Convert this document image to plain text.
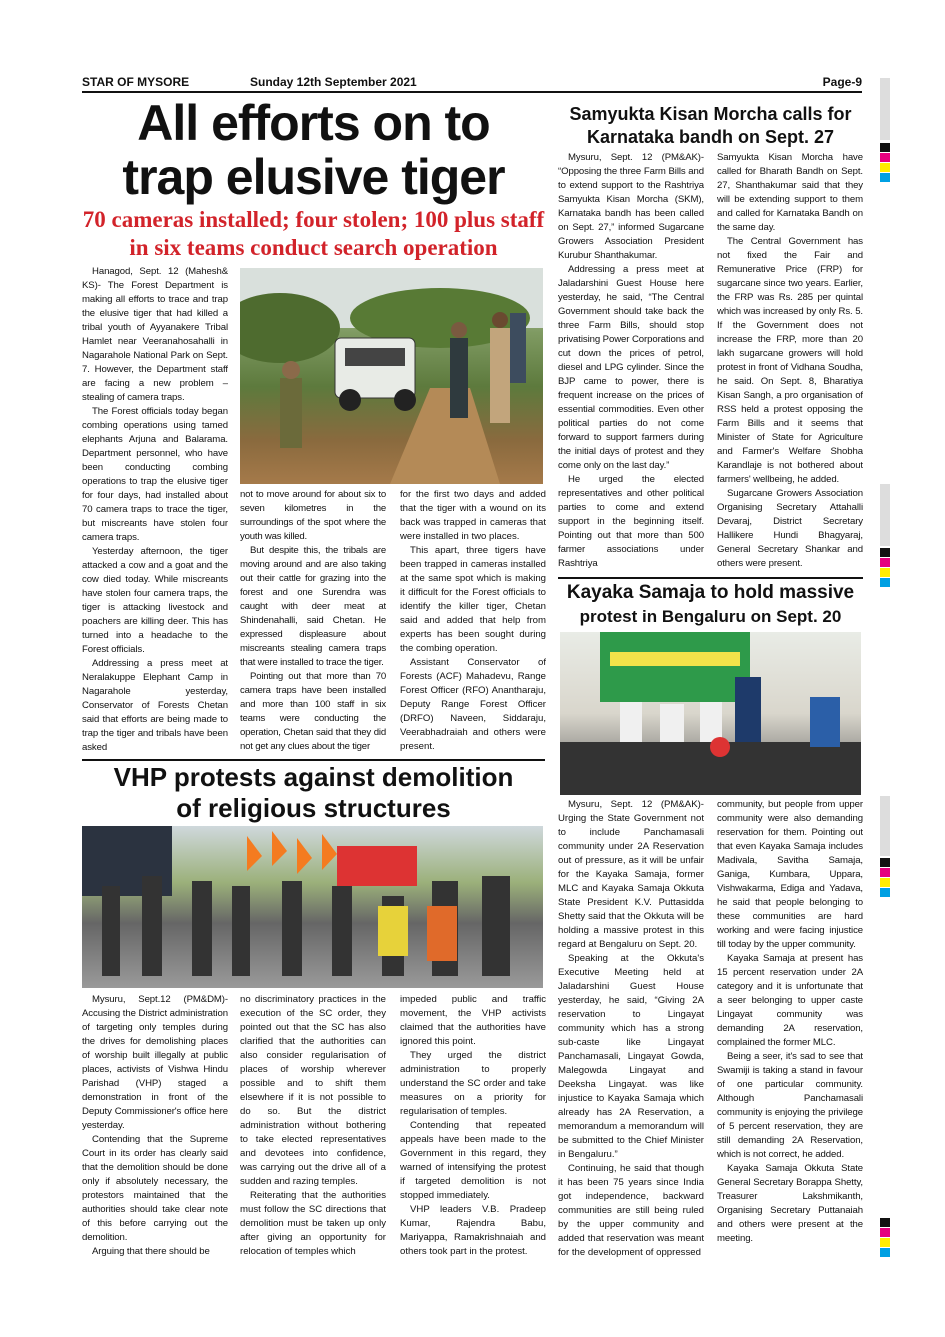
STAR OF MYSORE	Sunday 12th September 2021	Page-9
All efforts on to
trap elusive tiger
70 cameras installed; four stolen; 100 plus staff
in six teams conduct search operation

Hanagod, Sept. 12 (Mahesh& KS)- The Forest Department is making all efforts to trace and trap the elusive tiger that had killed a tribal youth of Ayyanakere Tribal Hamlet near Veeranahosahalli in Nagarahole National Park on Sept. 7. However, the Department staff are facing a new problem – stealing of camera traps.

The Forest officials today began combing operations using tamed elephants Arjuna and Balarama. Department personnel, who have been conducting combing operations to trap the elusive tiger for four days, had installed about 70 camera traps to trace the tiger, but miscreants have stolen four camera traps.

Yesterday afternoon, the tiger attacked a cow and a goat and the cow died today. While miscreants have stolen four camera traps, the tiger is attacking livestock and poachers are killing deer. This has turned into a headache to the Forest officials.

Addressing a press meet at Neralakuppe Elephant Camp in Nagarahole yesterday, Conservator of Forests Chetan said that efforts are being made to trap the tiger and tribals have been asked

not to move around for about six to seven kilometres in the surroundings of the spot where the youth was killed.

But despite this, the tribals are moving around and are also taking out their cattle for grazing into the forest and one Surendra was caught with deer meat at Shindenahalli, said Chetan. He expressed displeasure about miscreants stealing camera traps that were installed to trace the tiger.

Pointing out that more than 70 camera traps have been installed and more than 100 staff in six teams were conducting the operation, Chetan said that they did not get any clues about the tiger

for the first two days and added that the tiger with a wound on its back was trapped in cameras that were installed in two places.

This apart, three tigers have been trapped in cameras installed at the same spot which is making it difficult for the Forest officials to identify the killer tiger, Chetan said and added that help from experts has been sought during the combing operation.

Assistant Conservator of Forests (ACF) Mahadevu, Range Forest Officer (RFO) Anantharaju, Deputy Range Forest Officer (DRFO) Naveen, Siddaraju, Veerabhadraiah and others were present.

VHP protests against demolition
of religious structures

Mysuru, Sept.12 (PM&DM)- Accusing the District administration of targeting only temples during the drives for demolishing places of worship built illegally at public places, activists of Vishwa Hindu Parishad (VHP) staged a demonstration in front of the Deputy Commissioner's office here yesterday.

Contending that the Supreme Court in its order has clearly said that the demolition should be done only if absolutely necessary, the protestors maintained that the authorities should take clear note of this before carrying out the demolition.

Arguing that there should be

no discriminatory practices in the execution of the SC order, they pointed out that the SC has also clarified that the authorities can also consider regularisation of places of worship wherever possible and to shift them elsewhere if it is not possible to do so. But the district administration without bothering to take elected representatives and devotees into confidence, was carrying out the drive all of a sudden and razing temples.

Reiterating that the authorities must follow the SC directions that demolition must be taken up only after giving an opportunity for relocation of temples which

impeded public and traffic movement, the VHP activists claimed that the authorities have ignored this point.

They urged the district administration to properly understand the SC order and take measures on a priority for regularisation of temples.

Contending that repeated appeals have been made to the Government in this regard, they warned of intensifying the protest if targeted demolition is not stopped immediately.

VHP leaders V.B. Pradeep Kumar, Rajendra Babu, Mariyappa, Ramakrishnaiah and others took part in the protest.

Samyukta Kisan Morcha calls for
Karnataka bandh on Sept. 27

Mysuru, Sept. 12 (PM&AK)- “Opposing the three Farm Bills and to extend support to the Rashtriya Samyukta Kisan Morcha (SKM), Karnataka bandh has been called on Sept. 27,” informed Sugarcane Growers Association President Kurubur Shanthakumar.

Addressing a press meet at Jaladarshini Guest House here yesterday, he said, “The Central Government should take back the three Farm Bills, should stop privatising Power Corporations and cut down the prices of petrol, diesel and LPG cylinder. Since the BJP came to power, there is frequent increase on the prices of essential commodities. Even other political parties do not come forward to support farmers during the initial days of protest and they come only on the last day.”

He urged the elected representatives and other political parties to come and extend support in the beginning itself. Pointing out that more than 500 farmer associations under Rashtriya

Samyukta Kisan Morcha have called for Bharath Bandh on Sept. 27, Shanthakumar said that they will be extending support to them and called for Karnataka Bandh on the same day.

The Central Government has not fixed the Fair and Remunerative Price (FRP) for sugarcane since two years. Earlier, the FRP was Rs. 285 per quintal which was increased by only Rs. 5. If the Government does not increase the FRP, more than 20 lakh sugarcane growers will hold protest in front of Vidhana Soudha, he said. On Sept. 8, Bharatiya Kisan Sangh, a pro organisation of RSS held a protest opposing the Farm Bills and it seems that Minister of State for Agriculture and Farmer's Welfare Shobha Karandlaje is not bothered about farmers' wellbeing, he added.

Sugarcane Growers Association Organising Secretary Attahalli Devaraj, District Secretary Hallikere Hundi Bhagyaraj, General Secretary Shankar and others were present.

Kayaka Samaja to hold massive
protest in Bengaluru on Sept. 20

Mysuru, Sept. 12 (PM&AK)- Urging the State Government not to include Panchamasali community under 2A Reservation out of pressure, as it will be unfair for the Kayaka Samaja, former MLC and Kayaka Samaja Okkuta State President K.V. Puttasidda Shetty said that the Okkuta will be holding a massive protest in this regard at Bengaluru on Sept. 20.

Speaking at the Okkuta's Executive Meeting held at Jaladarshini Guest House yesterday, he said, “Giving 2A reservation to Lingayat community which has a strong sub-caste like Lingayat Panchamasali, Lingayat Gowda, Malegowda Lingayat and Deeksha Lingayat. was like injustice to Kayaka Samaja which already has 2A Reservation, a memorandum a memorandum will be submitted to the Chief Minister in Bengaluru.”

Continuing, he said that though it has been 75 years since India got independence, backward communities are still being ruled by the upper community and added that reservation was meant for the development of oppressed

community, but people from upper community were also demanding reservation for them. Pointing out that even Kayaka Samaja includes Madivala, Savitha Samaja, Ganiga, Kumbara, Uppara, Vishwakarma, Ediga and Yadava, he said that people belonging to these communities are hard working and were facing injustice till today by the upper community.

Kayaka Samaja at present has 15 percent reservation under 2A category and it is unfortunate that a seer belonging to upper caste Lingayat community was demanding 2A reservation, complained the former MLC.

Being a seer, it's sad to see that Swamiji is taking a stand in favour of one particular community. Although Panchamasali community is enjoying the privilege of 5 percent reservation, they are still demanding 2A Reservation, which is not correct, he added.

Kayaka Samaja Okkuta State General Secretary Borappa Shetty, Treasurer Lakshmikanth, Organising Secretary Puttanaiah and others were present at the meeting.
